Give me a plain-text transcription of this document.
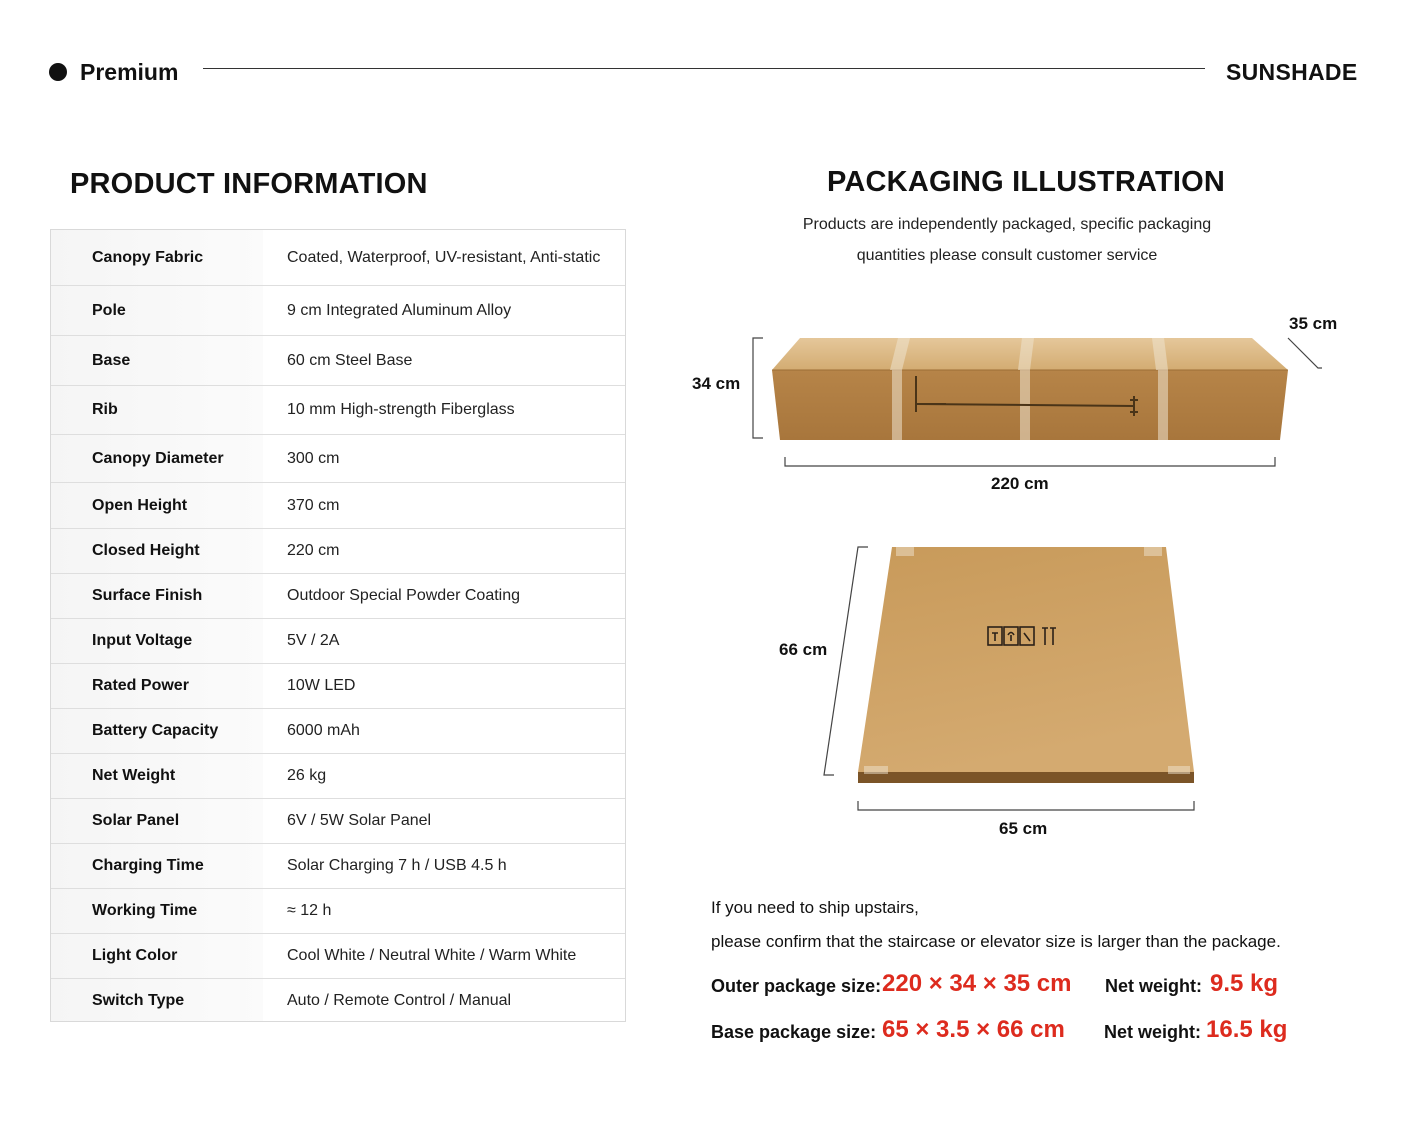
Premium	SUNSHADE
PRODUCT INFORMATION
Canopy Fabric	Coated, Waterproof, UV-resistant, Anti-static
Pole	9 cm Integrated Aluminum Alloy
Base	60 cm Steel Base
Rib	10 mm High-strength Fiberglass
Canopy Diameter	300 cm
Open Height	370 cm
Closed Height	220 cm
Surface Finish	Outdoor Special Powder Coating
Input Voltage	5V / 2A
Rated Power	10W LED
Battery Capacity	6000 mAh
Net Weight	26 kg
Solar Panel	6V / 5W Solar Panel
Charging Time	Solar Charging 7 h / USB 4.5 h
Working Time	≈ 12 h
Light Color	Cool White / Neutral White / Warm White
Switch Type	Auto / Remote Control / Manual
PACKAGING ILLUSTRATION
Products are independently packaged, specific packaging
quantities please consult customer service
34 cm
35 cm
220 cm
66 cm
65 cm
If you need to ship upstairs,
please confirm that the staircase or elevator size is larger than the package.
Outer package size: 220 × 34 × 35 cm Net weight: 9.5 kg
Base package size: 65 × 3.5 × 66 cm Net weight: 16.5 kg
